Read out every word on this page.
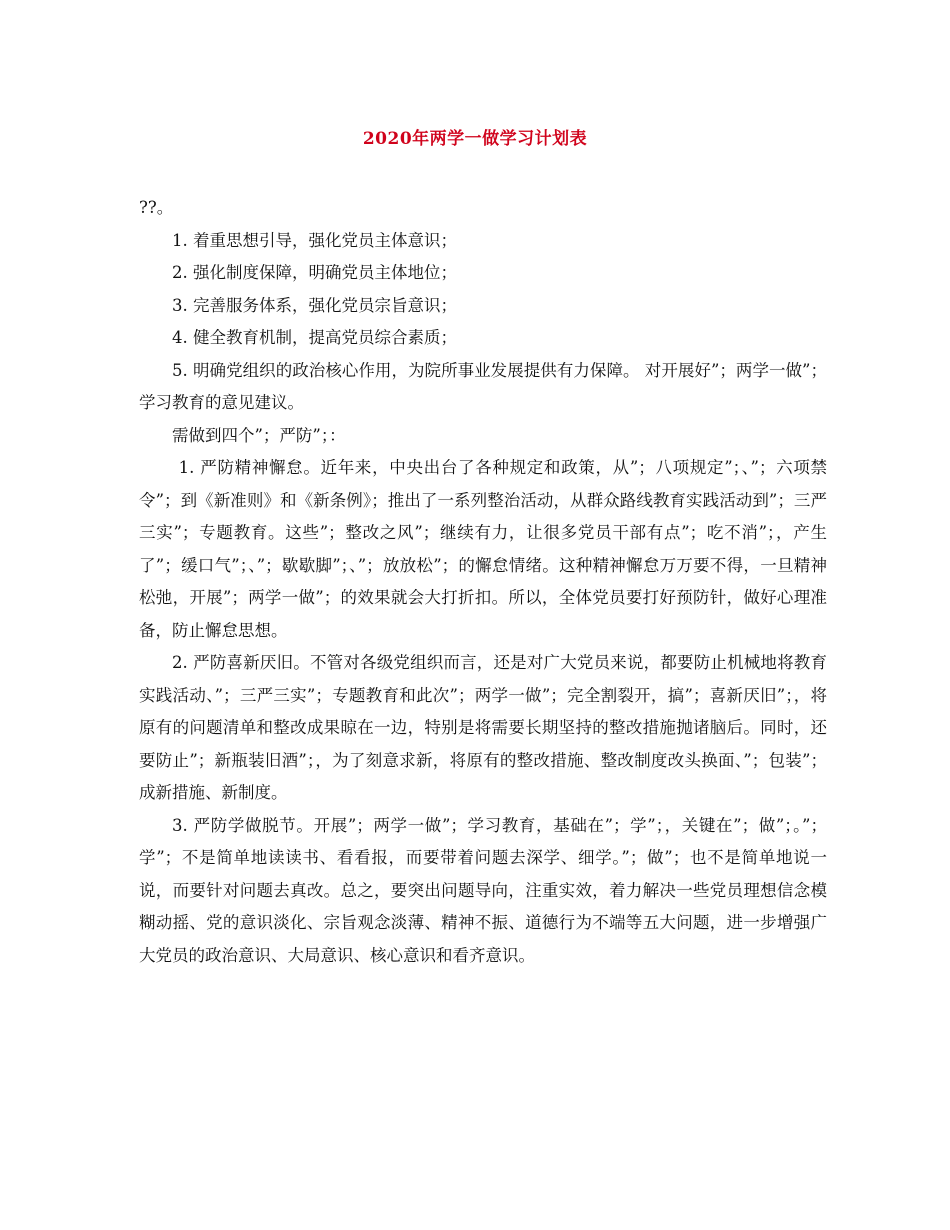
2020年两学一做学习计划表

??。

1. 着重思想引导，强化党员主体意识；

2. 强化制度保障，明确党员主体地位；

3. 完善服务体系，强化党员宗旨意识；

4. 健全教育机制，提高党员综合素质；

5. 明确党组织的政治核心作用，为院所事业发展提供有力保障。 对开展好”；两学一做”；学习教育的意见建议。

需做到四个”；严防”；：

1. 严防精神懈怠。近年来，中央出台了各种规定和政策，从”；八项规定”；、”；六项禁令”；到《新准则》和《新条例》；推出了一系列整治活动，从群众路线教育实践活动到”；三严三实”；专题教育。这些”；整改之风”；继续有力，让很多党员干部有点”；吃不消”；，产生了”；缓口气”；、”；歇歇脚”；、”；放放松”；的懈怠情绪。这种精神懈怠万万要不得，一旦精神松弛，开展”；两学一做”；的效果就会大打折扣。所以，全体党员要打好预防针，做好心理准备，防止懈怠思想。

2. 严防喜新厌旧。不管对各级党组织而言，还是对广大党员来说，都要防止机械地将教育实践活动、”；三严三实”；专题教育和此次”；两学一做”；完全割裂开，搞”；喜新厌旧”；，将原有的问题清单和整改成果晾在一边，特别是将需要长期坚持的整改措施抛诸脑后。同时，还要防止”；新瓶装旧酒”；，为了刻意求新，将原有的整改措施、整改制度改头换面、”；包装”；成新措施、新制度。

3. 严防学做脱节。开展”；两学一做”；学习教育，基础在”；学”；，关键在”；做”；。”；学”；不是简单地读读书、看看报，而要带着问题去深学、细学。”；做”；也不是简单地说一说，而要针对问题去真改。总之，要突出问题导向，注重实效，着力解决一些党员理想信念模糊动摇、党的意识淡化、宗旨观念淡薄、精神不振、道德行为不端等五大问题，进一步增强广大党员的政治意识、大局意识、核心意识和看齐意识。
